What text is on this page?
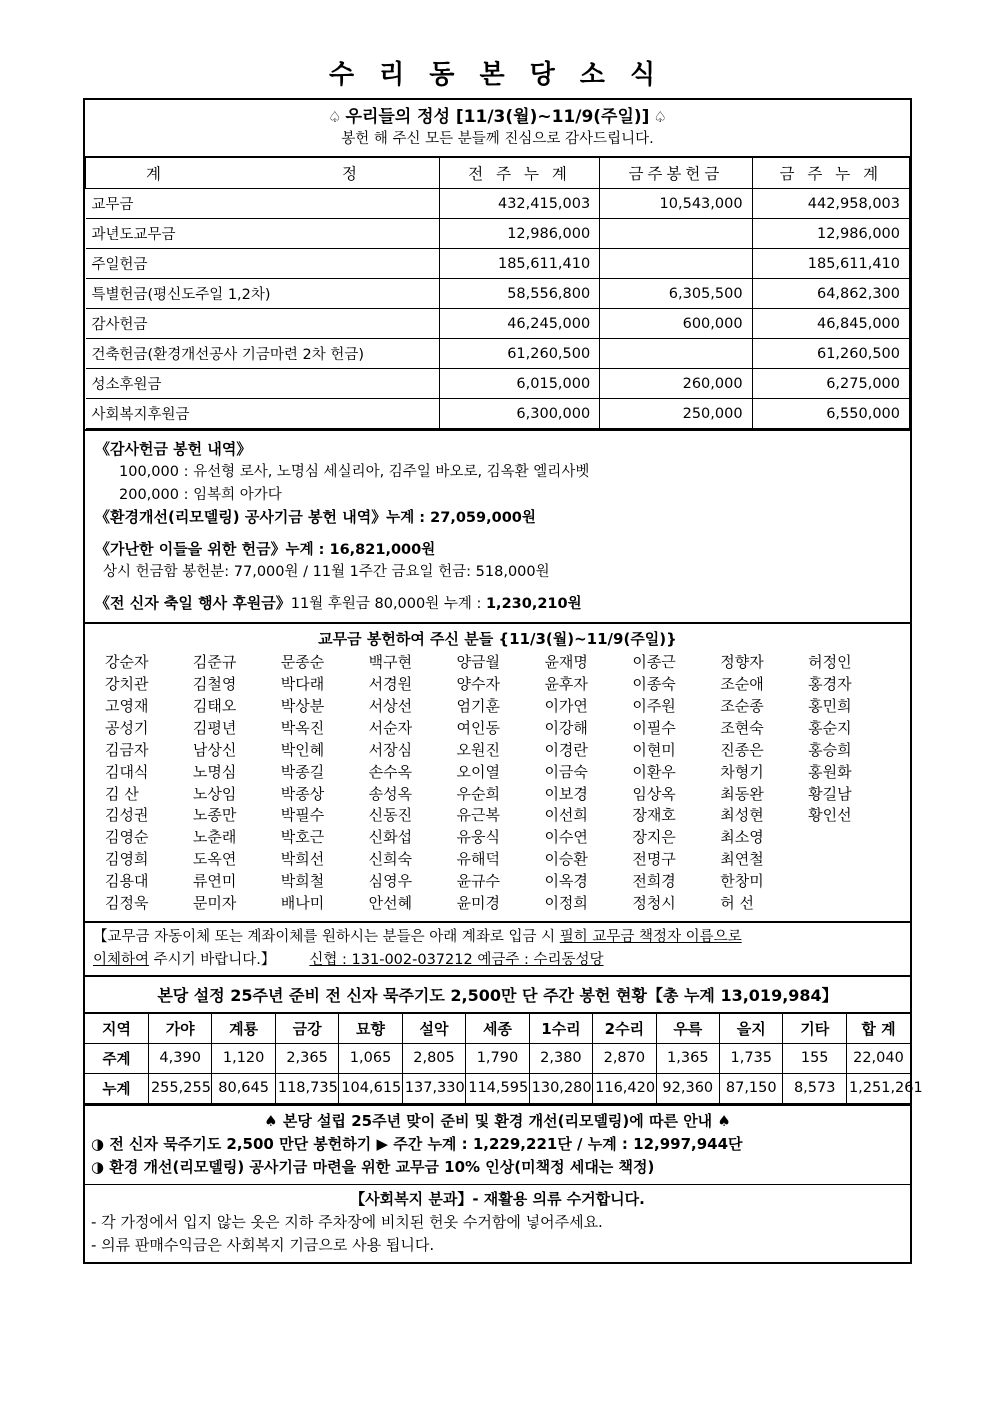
수 리 동 본 당 소 식
♤ 우리들의 정성 [11/3(월)~11/9(주일)] ♤
봉헌 해 주신 모든 분들께 진심으로 감사드립니다.
계 정	전 주 누 계	금주봉헌금	금 주 누 계
교무금	432,415,003	10,543,000	442,958,003
과년도교무금	12,986,000		12,986,000
주일헌금	185,611,410		185,611,410
특별헌금(평신도주일 1,2차)	58,556,800	6,305,500	64,862,300
감사헌금	46,245,000	600,000	46,845,000
건축헌금(환경개선공사 기금마련 2차 헌금)	61,260,500		61,260,500
성소후원금	6,015,000	260,000	6,275,000
사회복지후원금	6,300,000	250,000	6,550,000
《감사헌금 봉헌 내역》
100,000 : 유선형 로사, 노명심 세실리아, 김주일 바오로, 김옥환 엘리사벳
200,000 : 임복희 아가다
《환경개선(리모델링) 공사기금 봉헌 내역》누계 : 27,059,000원
《가난한 이들을 위한 헌금》누계 : 16,821,000원
상시 헌금함 봉헌분: 77,000원 / 11월 1주간 금요일 헌금: 518,000원
《전 신자 축일 행사 후원금》11월 후원금 80,000원 누계 : 1,230,210원
교무금 봉헌하여 주신 분들 {11/3(월)~11/9(주일)}
강순자	김준규	문종순	백구현	양금월	윤재명	이종근	정향자	허정인
강치관	김철영	박다래	서경원	양수자	윤후자	이종숙	조순애	홍경자
고영재	김태오	박상분	서상선	엄기훈	이가연	이주원	조순종	홍민희
공성기	김평년	박옥진	서순자	여인동	이강해	이필수	조현숙	홍순지
김금자	남상신	박인혜	서장심	오원진	이경란	이현미	진종은	홍승희
김대식	노명심	박종길	손수옥	오이열	이금숙	이환우	차형기	홍원화
김 산	노상임	박종상	송성옥	우순희	이보경	임상옥	최동완	황길남
김성권	노종만	박필수	신동진	유근복	이선희	장재호	최성현	황인선
김영순	노춘래	박호근	신화섭	유웅식	이수연	장지은	최소영
김영희	도옥연	박희선	신희숙	유해덕	이승환	전명구	최연철
김용대	류연미	박희철	심영우	윤규수	이옥경	전희경	한창미
김정욱	문미자	배나미	안선혜	윤미경	이정희	정청시	허 선
【교무금 자동이체 또는 계좌이체를 원하시는 분들은 아래 계좌로 입금 시 필히 교무금 책정자 이름으로
이체하여 주시기 바랍니다.】 신협 : 131-002-037212 예금주 : 수리동성당
본당 설정 25주년 준비 전 신자 묵주기도 2,500만 단 주간 봉헌 현황【총 누계 13,019,984】
지역	가야	계룡	금강	묘향	설악	세종	1수리	2수리	우륵	을지	기타	합 계
주계	4,390	1,120	2,365	1,065	2,805	1,790	2,380	2,870	1,365	1,735	155	22,040
누계	255,255	80,645	118,735	104,615	137,330	114,595	130,280	116,420	92,360	87,150	8,573	1,251,261
♠ 본당 설립 25주년 맞이 준비 및 환경 개선(리모델링)에 따른 안내 ♠
◑ 전 신자 묵주기도 2,500 만단 봉헌하기 ▶ 주간 누계 : 1,229,221단 / 누계 : 12,997,944단
◑ 환경 개선(리모델링) 공사기금 마련을 위한 교무금 10% 인상(미책정 세대는 책정)
【사회복지 분과】- 재활용 의류 수거합니다.
- 각 가정에서 입지 않는 옷은 지하 주차장에 비치된 헌옷 수거함에 넣어주세요.
- 의류 판매수익금은 사회복지 기금으로 사용 됩니다.
